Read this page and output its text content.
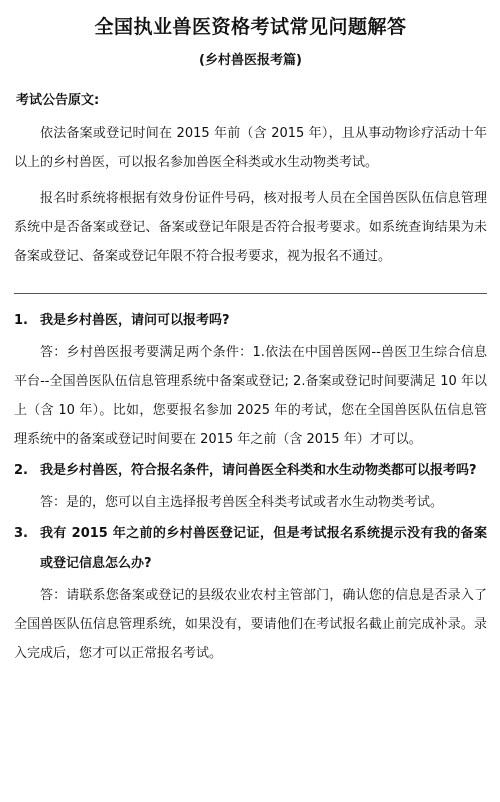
全国执业兽医资格考试常见问题解答

(乡村兽医报考篇)

考试公告原文:

依法备案或登记时间在 2015 年前（含 2015 年），且从事动物诊疗活动十年以上的乡村兽医，可以报名参加兽医全科类或水生动物类考试。

报名时系统将根据有效身份证件号码，核对报考人员在全国兽医队伍信息管理系统中是否备案或登记、备案或登记年限是否符合报考要求。如系统查询结果为未备案或登记、备案或登记年限不符合报考要求，视为报名不通过。

1. 我是乡村兽医，请问可以报考吗?

答：乡村兽医报考要满足两个条件：1.依法在中国兽医网--兽医卫生综合信息平台--全国兽医队伍信息管理系统中备案或登记; 2.备案或登记时间要满足 10 年以上（含 10 年）。比如，您要报名参加 2025 年的考试，您在全国兽医队伍信息管理系统中的备案或登记时间要在 2015 年之前（含 2015 年）才可以。

2. 我是乡村兽医，符合报名条件，请问兽医全科类和水生动物类都可以报考吗?

答：是的，您可以自主选择报考兽医全科类考试或者水生动物类考试。

3. 我有 2015 年之前的乡村兽医登记证，但是考试报名系统提示没有我的备案或登记信息怎么办?

答：请联系您备案或登记的县级农业农村主管部门，确认您的信息是否录入了全国兽医队伍信息管理系统，如果没有，要请他们在考试报名截止前完成补录。录入完成后，您才可以正常报名考试。
